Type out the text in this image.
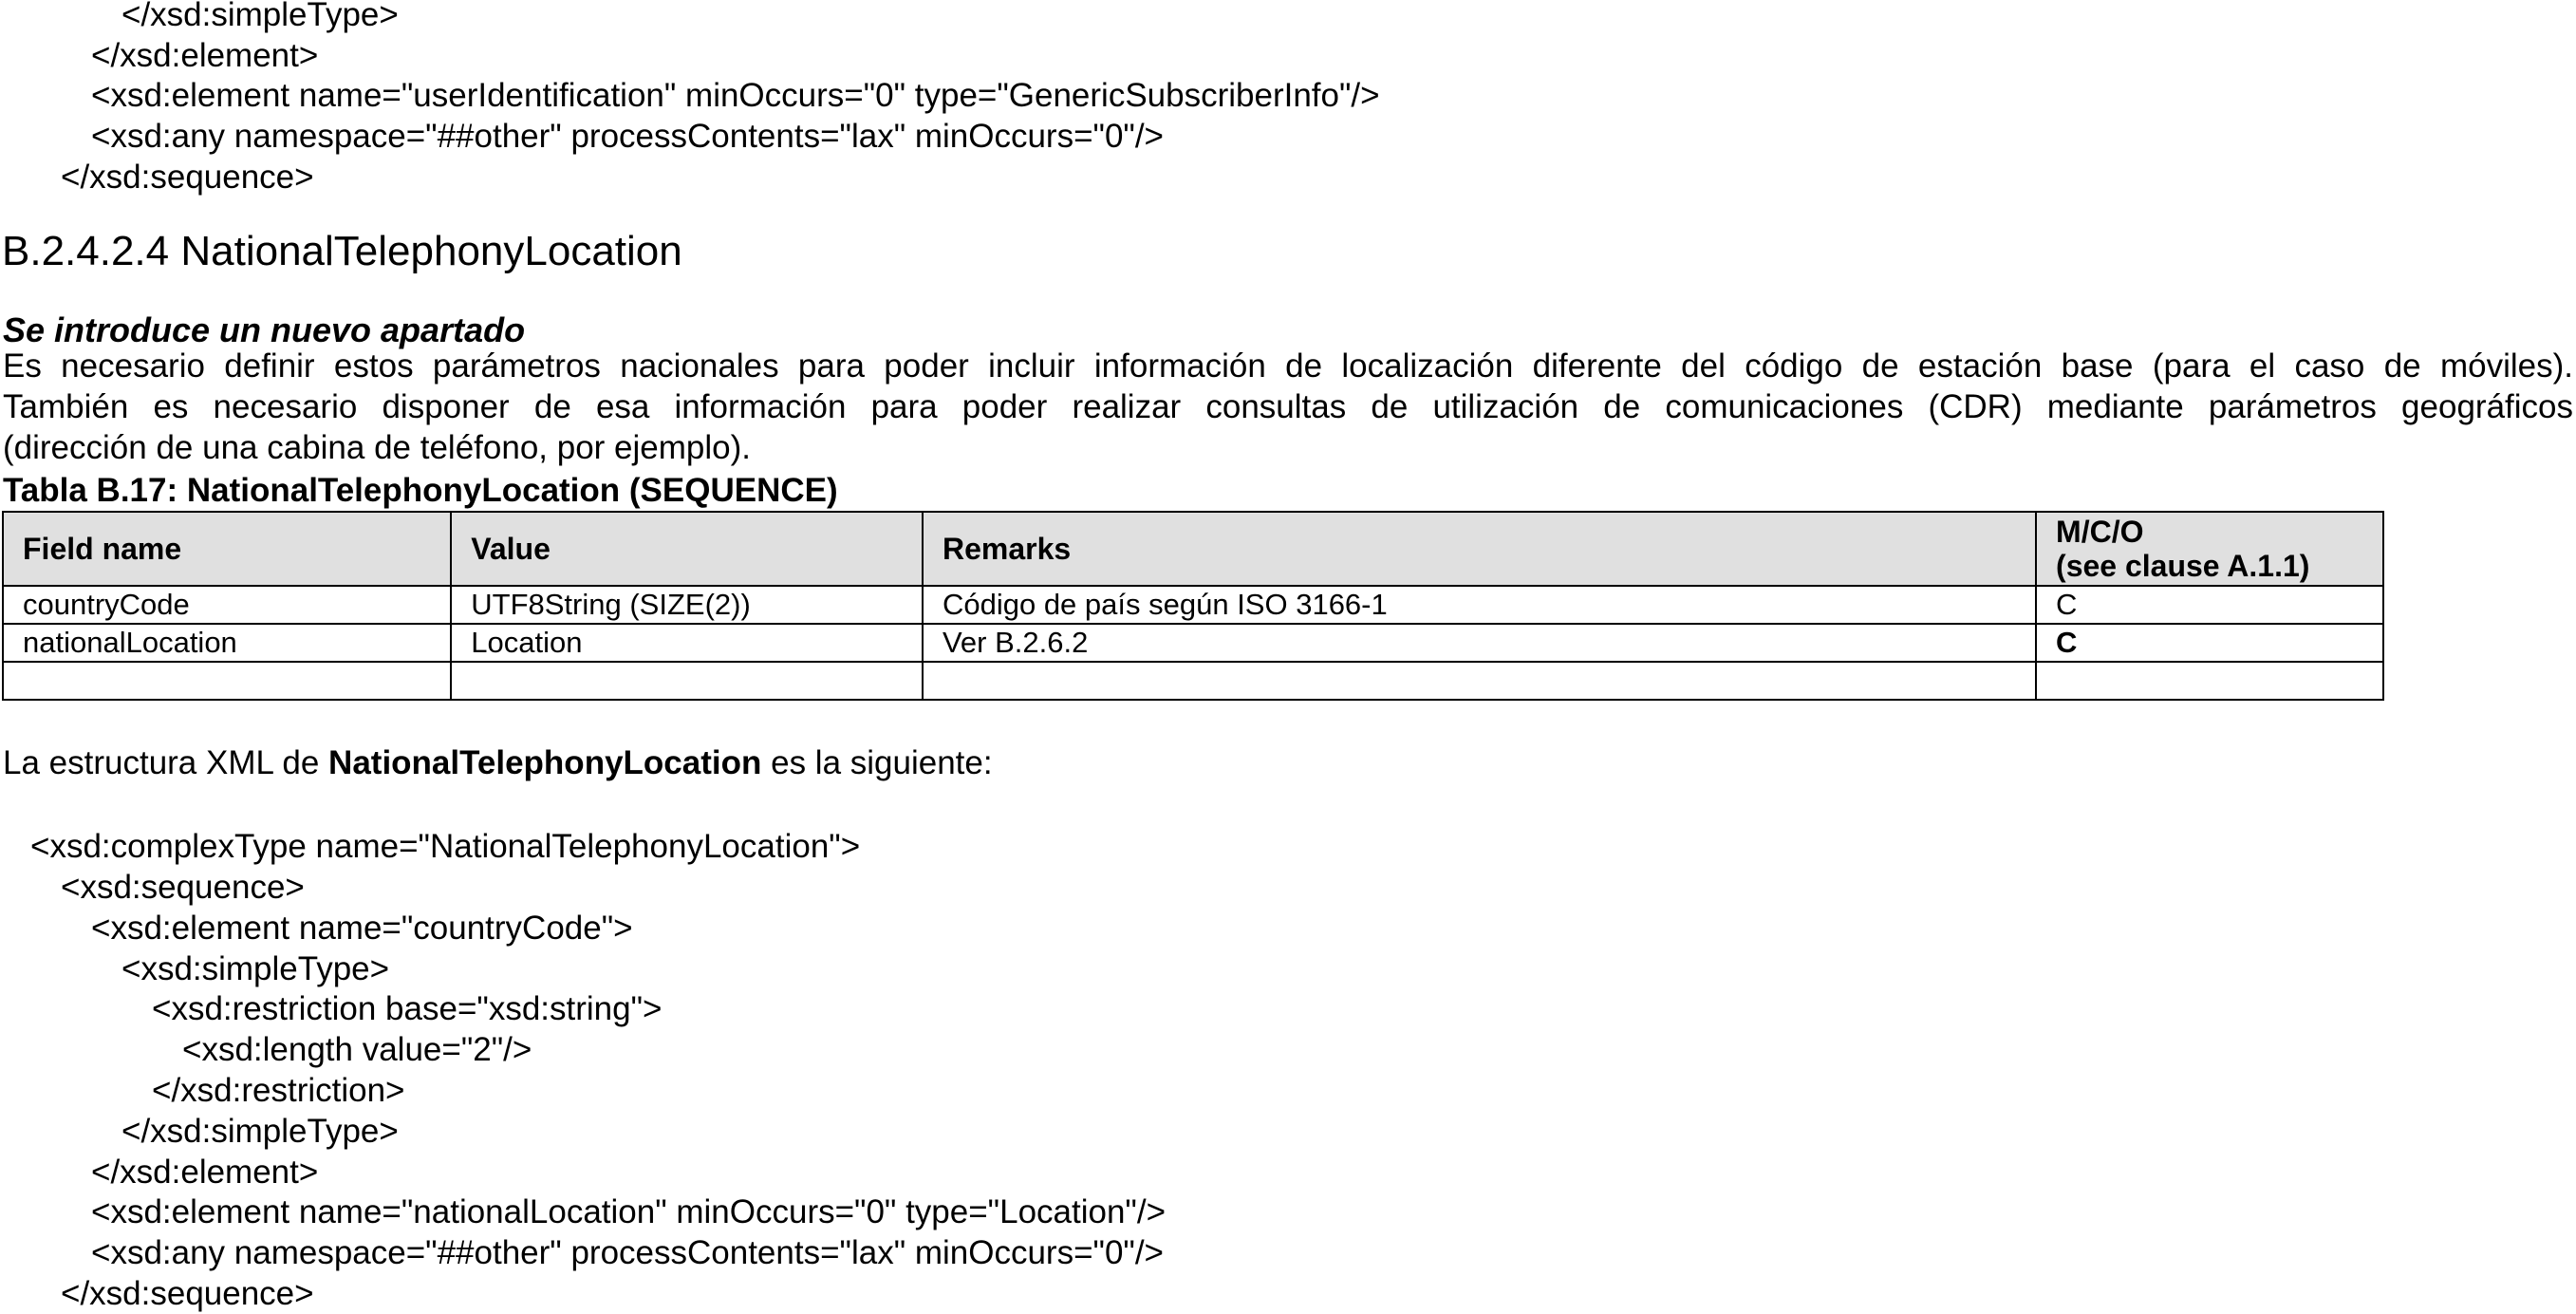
</xsd:simpleType>
</xsd:element>
<xsd:element name="userIdentification" minOccurs="0" type="GenericSubscriberInfo"/>
<xsd:any namespace="##other" processContents="lax" minOccurs="0"/>
</xsd:sequence>
B.2.4.2.4 NationalTelephonyLocation
Se introduce un nuevo apartado
Es necesario definir estos parámetros nacionales para poder incluir información de localización diferente del código de estación base (para el caso de móviles).
También es necesario disponer de esa información para poder realizar consultas de utilización de comunicaciones (CDR) mediante parámetros geográficos
(dirección de una cabina de teléfono, por ejemplo).
Tabla B.17: NationalTelephonyLocation (SEQUENCE)
Field name	Value	Remarks	M/C/O
(see clause A.1.1)
countryCode	UTF8String (SIZE(2))	Código de país según ISO 3166-1	C
nationalLocation	Location	Ver B.2.6.2	C

La estructura XML de NationalTelephonyLocation es la siguiente:
<xsd:complexType name="NationalTelephonyLocation">
<xsd:sequence>
<xsd:element name="countryCode">
<xsd:simpleType>
<xsd:restriction base="xsd:string">
<xsd:length value="2"/>
</xsd:restriction>
</xsd:simpleType>
</xsd:element>
<xsd:element name="nationalLocation" minOccurs="0" type="Location"/>
<xsd:any namespace="##other" processContents="lax" minOccurs="0"/>
</xsd:sequence>
